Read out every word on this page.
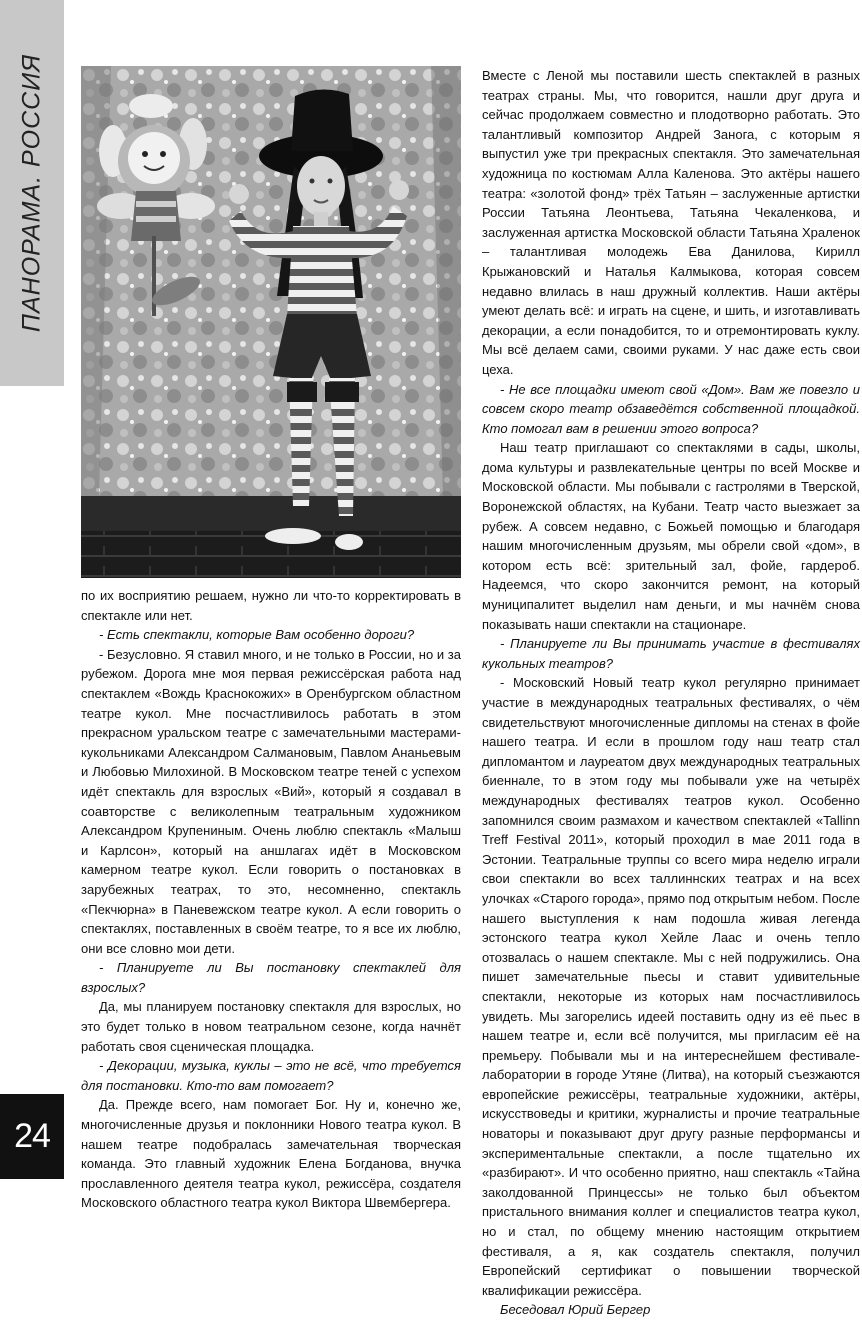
ПАНОРАМА. РОССИЯ

по их восприятию решаем, нужно ли что-то корректировать в спектакле или нет.

- Есть спектакли, которые Вам особенно дороги?

- Безусловно. Я ставил много, и не только в России, но и за рубежом. Дорога мне моя первая режиссёрская работа над спектаклем «Вождь Краснокожих» в Оренбургском областном театре кукол. Мне посчастливилось работать в этом прекрасном уральском театре с замечательными мастерами-кукольниками Александром Салмановым, Павлом Ананьевым и Любовью Милохиной. В Московском театре теней с успехом идёт спектакль для взрослых «Вий», который я создавал в соавторстве с великолепным театральным художником Александром Крупениным. Очень люблю спектакль «Малыш и Карлсон», который на аншлагах идёт в Московском камерном театре кукол. Если говорить о постановках в зарубежных театрах, то это, несомненно, спектакль «Пекчюрна» в Паневежском театре кукол. А если говорить о спектаклях, поставленных в своём театре, то я все их люблю, они все словно мои дети.

- Планируете ли Вы постановку спектаклей для взрослых?

Да, мы планируем постановку спектакля для взрослых, но это будет только в новом театральном сезоне, когда начнёт работать своя сценическая площадка.

- Декорации, музыка, куклы – это не всё, что требуется для постановки. Кто-то вам помогает?

Да. Прежде всего, нам помогает Бог. Ну и, конечно же, многочисленные друзья и поклонники Нового театра кукол. В нашем театре подобралась замечательная творческая команда. Это главный художник Елена Богданова, внучка прославленного деятеля театра кукол, режиссёра, создателя Московского областного театра кукол Виктора Швембергера.

Вместе с Леной мы поставили шесть спектаклей в разных театрах страны. Мы, что говорится, нашли друг друга и сейчас продолжаем совместно и плодотворно работать. Это талантливый композитор Андрей Занога, с которым я выпустил уже три прекрасных спектакля. Это замечательная художница по костюмам Алла Каленова. Это актёры нашего театра: «золотой фонд» трёх Татьян – заслуженные артистки России Татьяна Леонтьева, Татьяна Чекаленкова, и заслуженная артистка Московской области Татьяна Храленок – талантливая молодежь Ева Данилова, Кирилл Крыжановский и Наталья Калмыкова, которая совсем недавно влилась в наш дружный коллектив. Наши актёры умеют делать всё: и играть на сцене, и шить, и изготавливать декорации, а если понадобится, то и отремонтировать куклу. Мы всё делаем сами, своими руками. У нас даже есть свои цеха.

- Не все площадки имеют свой «Дом». Вам же повезло и совсем скоро театр обзаведётся собственной площадкой. Кто помогал вам в решении этого вопроса?

Наш театр приглашают со спектаклями в сады, школы, дома культуры и развлекательные центры по всей Москве и Московской области. Мы побывали с гастролями в Тверской, Воронежской областях, на Кубани. Театр часто выезжает за рубеж. А совсем недавно, с Божьей помощью и благодаря нашим многочисленным друзьям, мы обрели свой «дом», в котором есть всё: зрительный зал, фойе, гардероб. Надеемся, что скоро закончится ремонт, на который муниципалитет выделил нам деньги, и мы начнём снова показывать наши спектакли на стационаре.

- Планируете ли Вы принимать участие в фестивалях кукольных театров?

- Московский Новый театр кукол регулярно принимает участие в международных театральных фестивалях, о чём свидетельствуют многочисленные дипломы на стенах в фойе нашего театра. И если в прошлом году наш театр стал дипломантом и лауреатом двух международных театральных биеннале, то в этом году мы побывали уже на четырёх международных фестивалях театров кукол. Особенно запомнился своим размахом и качеством спектаклей «Tallinn Treff Festival 2011», который проходил в мае 2011 года в Эстонии. Театральные труппы со всего мира неделю играли свои спектакли во всех таллиннских театрах и на всех улочках «Старого города», прямо под открытым небом. После нашего выступления к нам подошла живая легенда эстонского театра кукол Хейле Лаас и очень тепло отозвалась о нашем спектакле. Мы с ней подружились. Она пишет замечательные пьесы и ставит удивительные спектакли, некоторые из которых нам посчастливилось увидеть. Мы загорелись идеей поставить одну из её пьес в нашем театре и, если всё получится, мы пригласим её на премьеру. Побывали мы и на интереснейшем фестивале-лаборатории в городе Утяне (Литва), на который съезжаются европейские режиссёры, театральные художники, актёры, искусствоведы и критики, журналисты и прочие театральные новаторы и показывают друг другу разные перформансы и экспериментальные спектакли, а после тщательно их «разбирают». И что особенно приятно, наш спектакль «Тайна заколдованной Принцессы» не только был объектом пристального внимания коллег и специалистов театра кукол, но и стал, по общему мнению настоящим открытием фестиваля, а я, как создатель спектакля, получил Европейский сертификат о повышении творческой квалификации режиссёра.

Беседовал Юрий Бергер

24
